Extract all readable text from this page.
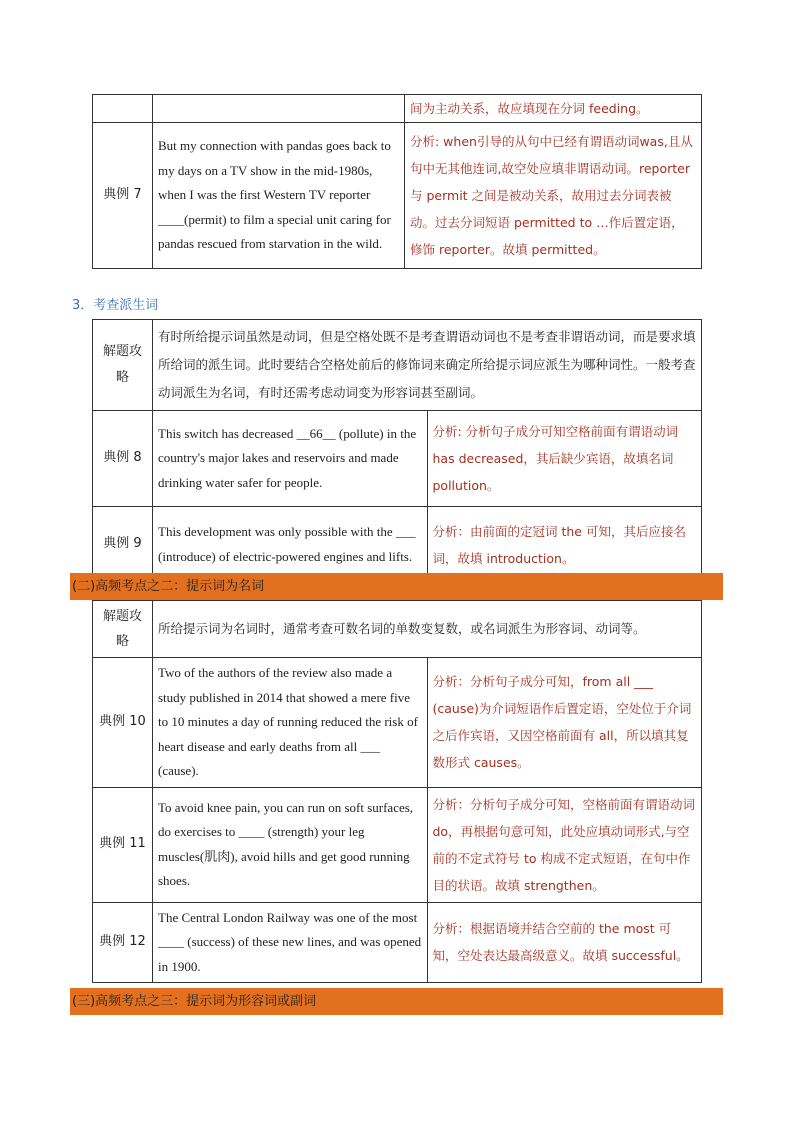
		间为主动关系，故应填现在分词 feeding。
典例 7	But my connection with pandas goes back to my days on a TV show in the mid-1980s, when I was the first Western TV reporter ____(permit) to film a special unit caring for pandas rescued from starvation in the wild.	分析: when引导的从句中已经有谓语动词was,且从句中无其他连词,故空处应填非谓语动词。reporter 与 permit 之间是被动关系，故用过去分词表被动。过去分词短语 permitted to …作后置定语，修饰 reporter。故填 permitted。
3．考查派生词
解题攻略	有时所给提示词虽然是动词，但是空格处既不是考查谓语动词也不是考查非谓语动词，而是要求填所给词的派生词。此时要结合空格处前后的修饰词来确定所给提示词应派生为哪种词性。一般考查动词派生为名词，有时还需考虑动词变为形容词甚至副词。	
典例 8	This switch has decreased __66__ (pollute) in the country's major lakes and reservoirs and made drinking water safer for people.	分析: 分析句子成分可知空格前面有谓语动词has decreased，其后缺少宾语，故填名词 pollution。
典例 9	This development was only possible with the ___ (introduce) of electric-powered engines and lifts.	分析：由前面的定冠词 the 可知，其后应接名词，故填 introduction。
(二)高频考点之二：提示词为名词
解题攻略	所给提示词为名词时，通常考查可数名词的单数变复数，或名词派生为形容词、动词等。	
典例 10	Two of the authors of the review also made a study published in 2014 that showed a mere five to 10 minutes a day of running reduced the risk of heart disease and early deaths from all ___ (cause).	分析：分析句子成分可知，from all ___ (cause)为介词短语作后置定语，空处位于介词之后作宾语，又因空格前面有 all，所以填其复数形式 causes。
典例 11	To avoid knee pain, you can run on soft surfaces, do exercises to ____ (strength) your leg muscles(肌肉), avoid hills and get good running shoes.	分析：分析句子成分可知，空格前面有谓语动词 do，再根据句意可知，此处应填动词形式,与空前的不定式符号 to 构成不定式短语，在句中作目的状语。故填 strengthen。
典例 12	The Central London Railway was one of the most ____ (success) of these new lines, and was opened in 1900.	分析：根据语境并结合空前的 the most 可知，空处表达最高级意义。故填 successful。
(三)高频考点之三：提示词为形容词或副词
